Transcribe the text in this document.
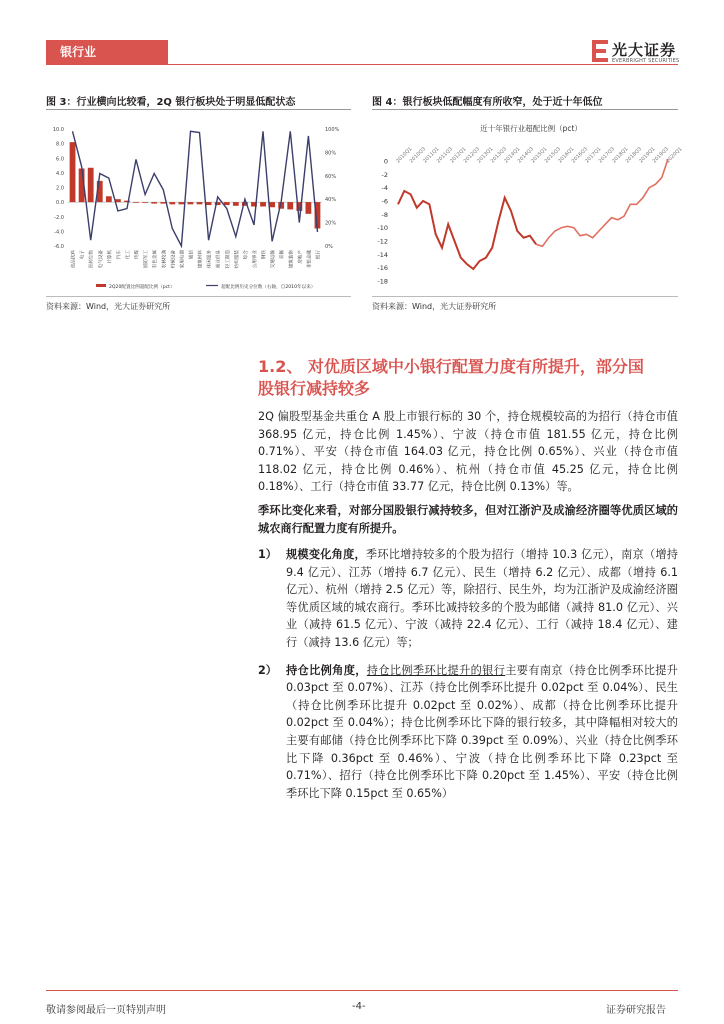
银行业	光大证券
EVERBRIGHT SECURITIES
图 3：行业横向比较看，2Q 银行板块处于明显低配状态
10.0
8.0
6.0
4.0
2.0
0.0
-2.0
-4.0
-6.0
100%
80%
60%
40%
20%
0%
食品饮料 电子 医药生物 电气设备 计算机 汽车 化工 传媒 国防军工 有色金属 农林牧渔 机械设备 家用电器 通信 建筑材料 休闲服务 商业贸易 轻工制造 纺织服装 综合 公用事业 钢铁 交通运输 采掘 建筑装饰 房地产 非银金融 银行
2Q20配置比例超配比例（pct）	超配比例历史分位数（右轴，自2010年以来）
资料来源：Wind，光大证券研究所
图 4：银行板块低配幅度有所收窄，处于近十年低位
近十年银行业超配比例（pct）
0
-2
-4
-6
-8
-10
-12
-14
-16
-18
2010Q1
2010Q3
2011Q1
2011Q3
2012Q1
2012Q3
2013Q1
2013Q3
2014Q1
2014Q3
2015Q1
2015Q3
2016Q1
2016Q3
2017Q1
2017Q3
2018Q1
2018Q3
2019Q1
2019Q3
2020Q1
资料来源：Wind，光大证券研究所
1.2、 对优质区域中小银行配置力度有所提升，部分国
股银行减持较多
2Q 偏股型基金共重仓 A 股上市银行标的 30 个，持仓规模较高的为招行（持仓市值 368.95 亿元，持仓比例 1.45%）、宁波（持仓市值 181.55 亿元，持仓比例 0.71%）、平安（持仓市值 164.03 亿元，持仓比例 0.65%）、兴业（持仓市值 118.02 亿元，持仓比例 0.46%）、杭州（持仓市值 45.25 亿元，持仓比例 0.18%）、工行（持仓市值 33.77 亿元，持仓比例 0.13%）等。
季环比变化来看，对部分国股银行减持较多，但对江浙沪及成渝经济圈等优质区域的城农商行配置力度有所提升。
1） 规模变化角度，季环比增持较多的个股为招行（增持 10.3 亿元），南京（增持 9.4 亿元）、江苏（增持 6.7 亿元）、民生（增持 6.2 亿元）、成都（增持 6.1 亿元）、杭州（增持 2.5 亿元）等，除招行、民生外，均为江浙沪及成渝经济圈等优质区域的城农商行。季环比减持较多的个股为邮储（减持 81.0 亿元）、兴业（减持 61.5 亿元）、宁波（减持 22.4 亿元）、工行（减持 18.4 亿元）、建行（减持 13.6 亿元）等；
2） 持仓比例角度，持仓比例季环比提升的银行主要有南京（持仓比例季环比提升 0.03pct 至 0.07%）、江苏（持仓比例季环比提升 0.02pct 至 0.04%）、民生（持仓比例季环比提升 0.02pct 至 0.02%）、成都（持仓比例季环比提升 0.02pct 至 0.04%）；持仓比例季环比下降的银行较多，其中降幅相对较大的主要有邮储（持仓比例季环比下降 0.39pct 至 0.09%）、兴业（持仓比例季环比下降 0.36pct 至 0.46%）、宁波（持仓比例季环比下降 0.23pct 至 0.71%）、招行（持仓比例季环比下降 0.20pct 至 1.45%）、平安（持仓比例季环比下降 0.15pct 至 0.65%）
敬请参阅最后一页特别声明	-4-	证券研究报告
